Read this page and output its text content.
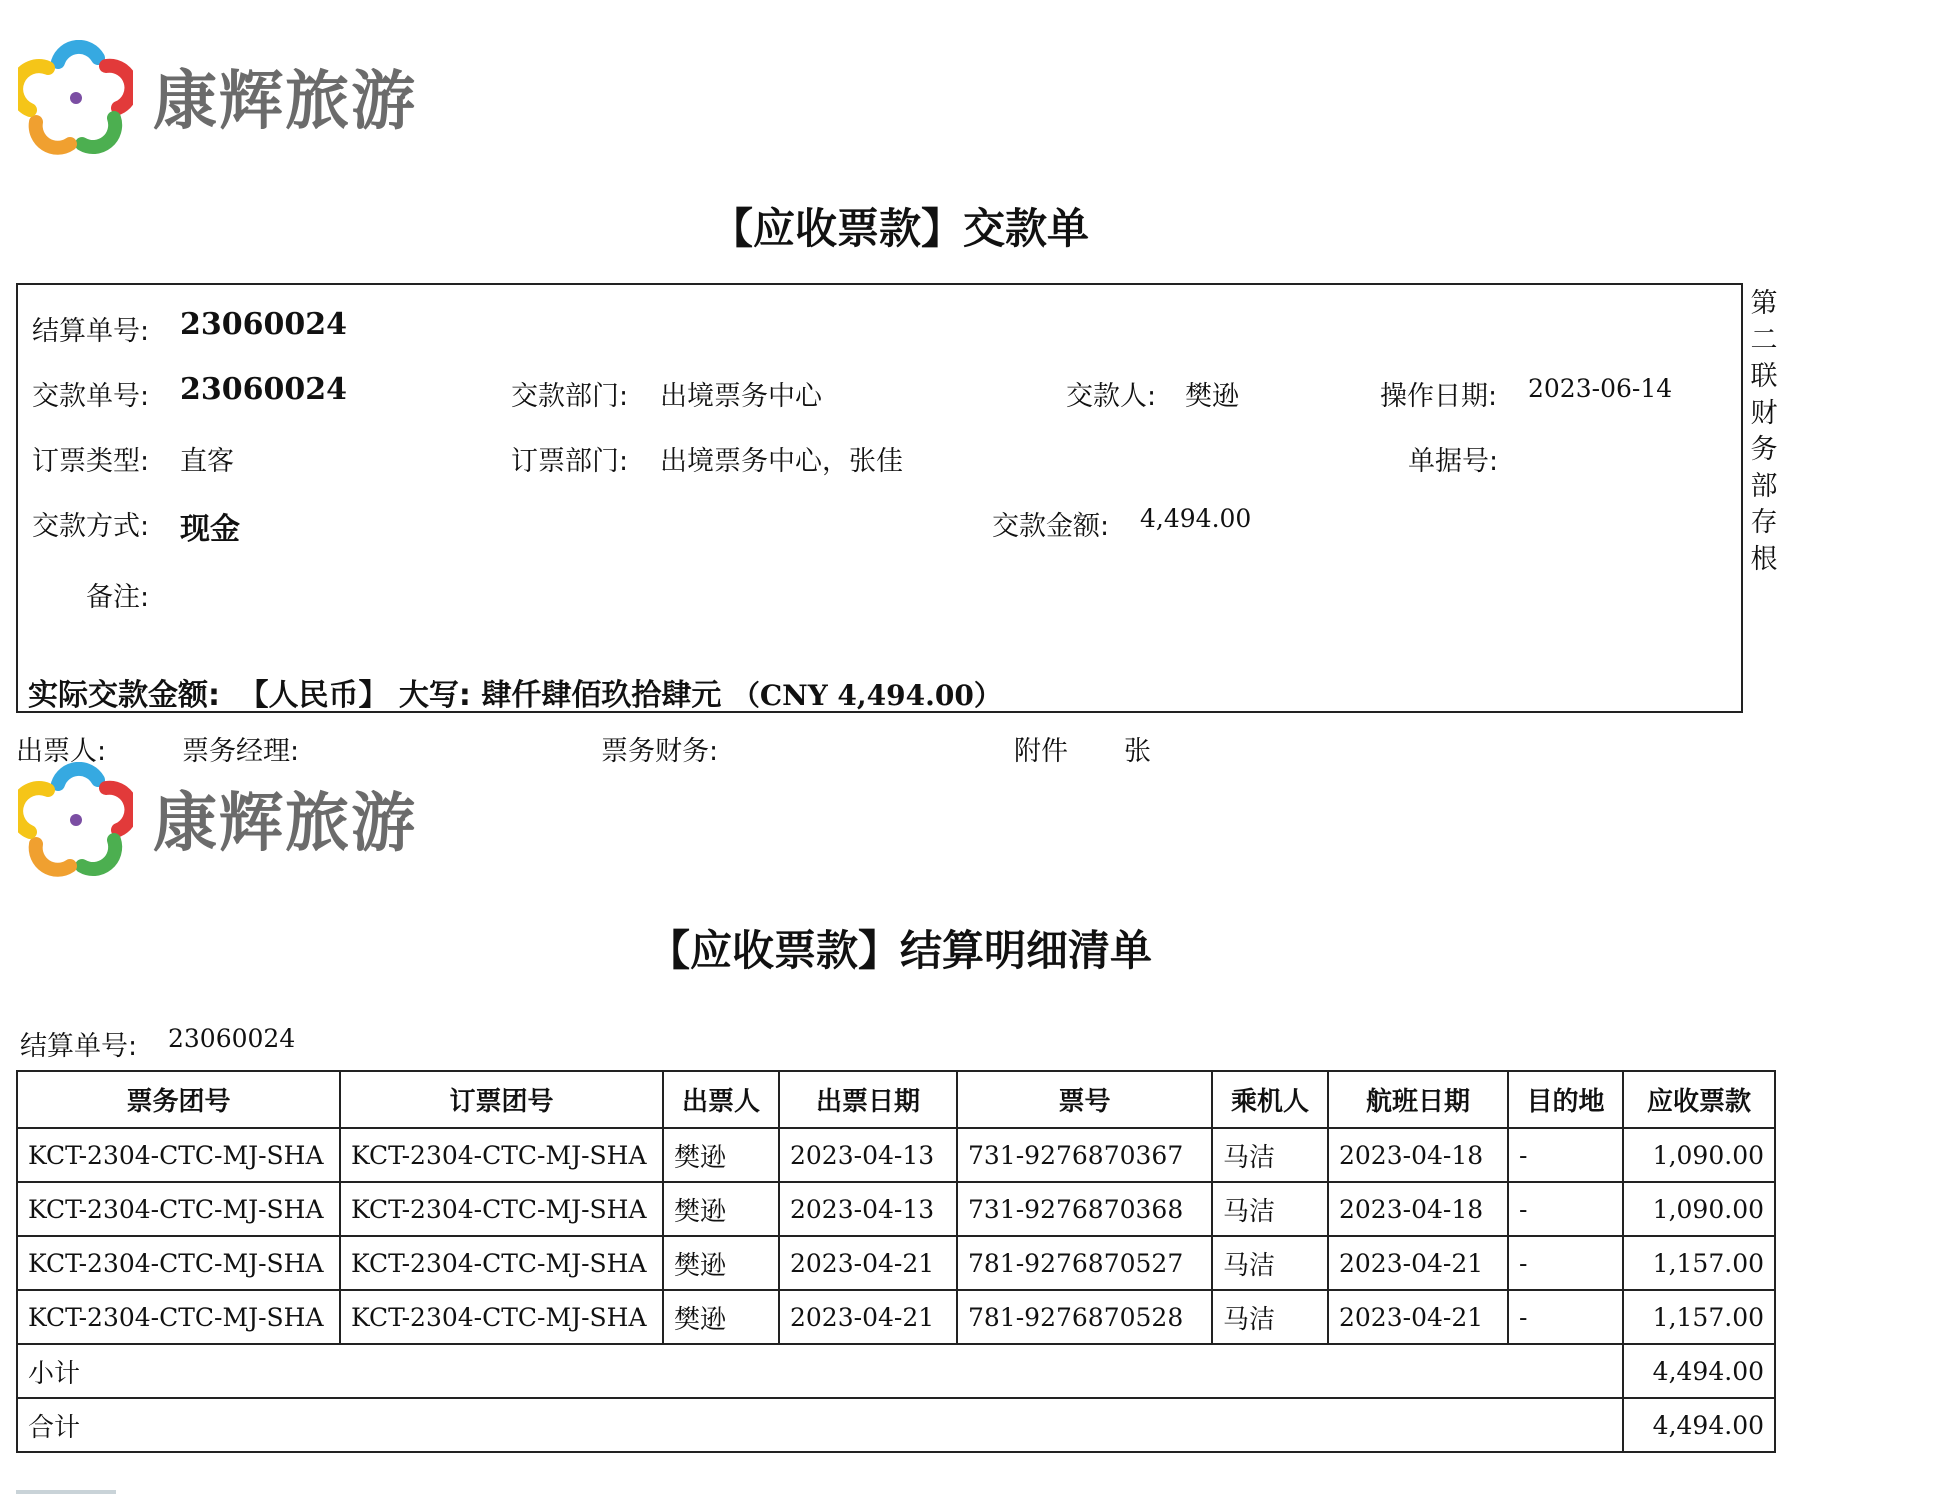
康辉旅游
【应收票款】交款单
结算单号: 23060024
交款单号: 23060024	交款部门: 出境票务中心	交款人: 樊逊	操作日期: 2023-06-14
订票类型: 直客	订票部门: 出境票务中心，张佳	单据号:
交款方式: 现金	交款金额: 4,494.00
备注:
实际交款金额: 【人民币】 大写: 肆仟肆佰玖拾肆元 （CNY 4,494.00）
第
二
联
财
务
部
存
根
出票人:	票务经理:	票务财务:	附件 张
康辉旅游
【应收票款】结算明细清单
结算单号: 23060024
票务团号	订票团号	出票人	出票日期	票号	乘机人	航班日期	目的地	应收票款
KCT-2304-CTC-MJ-SHA	KCT-2304-CTC-MJ-SHA	樊逊	2023-04-13	731-9276870367	马洁	2023-04-18	-	1,090.00
KCT-2304-CTC-MJ-SHA	KCT-2304-CTC-MJ-SHA	樊逊	2023-04-13	731-9276870368	马洁	2023-04-18	-	1,090.00
KCT-2304-CTC-MJ-SHA	KCT-2304-CTC-MJ-SHA	樊逊	2023-04-21	781-9276870527	马洁	2023-04-21	-	1,157.00
KCT-2304-CTC-MJ-SHA	KCT-2304-CTC-MJ-SHA	樊逊	2023-04-21	781-9276870528	马洁	2023-04-21	-	1,157.00
小计								4,494.00
合计								4,494.00
